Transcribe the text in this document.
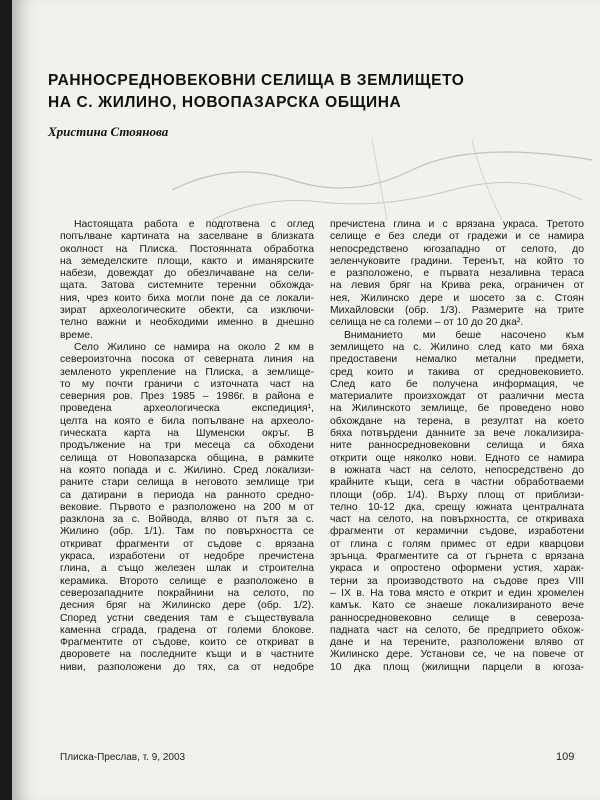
РАННОСРЕДНОВЕКОВНИ СЕЛИЩА В ЗЕМЛИЩЕТО
НА С. ЖИЛИНО, НОВОПАЗАРСКА ОБЩИНА
Христина Стоянова
Настоящата работа е подготвена с оглед
попълване картината на заселване в близката
околност на Плиска. Постоянната обработка
на земеделските площи, както и иманярските
набези, довеждат до обезличаване на сели-
щата. Затова системните теренни обхожда-
ния, чрез които биха могли поне да се локали-
зират археологическите обекти, са изключи-
телно важни и необходими именно в днешно
време.
Село Жилино се намира на около 2 км в
североизточна посока от северната линия на
земленото укрепление на Плиска, а землище-
то му почти граничи с източната част на
северния ров. През 1985 – 1986г. в района е
проведена археологическа експедиция¹,
целта на която е била попълване на археоло-
гическата карта на Шуменски окръг. В
продължение на три месеца са обходени
селища от Новопазарска община, в рамките
на която попада и с. Жилино. Сред локализи-
раните стари селища в неговото землище три
са датирани в периода на ранното средно-
вековие. Първото е разположено на 200 м от
разклона за с. Войвода, вляво от пътя за с.
Жилино (обр. 1/1). Там по повърхността се
откриват фрагменти от съдове с врязана
украса, изработени от недобре пречистена
глина, а също железен шлак и строителна
керамика. Второто селище е разположено в
северозападните покрайнини на селото, по
десния бряг на Жилинско дере (обр. 1/2).
Според устни сведения там е съществувала
каменна сграда, градена от големи блокове.
Фрагментите от съдове, които се откриват в
дворовете на последните къщи и в частните
ниви, разположени до тях, са от недобре
пречистена глина и с врязана украса. Третото
селище е без следи от градежи и се намира
непосредствено югозападно от селото, до
зеленчуковите градини. Теренът, на който то
е разположено, е първата незаливна тераса
на левия бряг на Крива река, ограничен от
нея, Жилинско дере и шосето за с. Стоян
Михайловски (обр. 1/3). Размерите на трите
селища не са големи – от 10 до 20 дка².
Вниманието ми беше насочено към
землището на с. Жилино след като ми бяха
предоставени немалко метални предмети,
сред които и такива от средновековието.
След като бе получена информация, че
материалите произхождат от различни места
на Жилинското землище, бе проведено ново
обхождане на терена, в резултат на което
бяха потвърдени данните за вече локализира-
ните ранносредновековни селища и бяха
открити още няколко нови. Едното се намира
в южната част на селото, непосредствено до
крайните къщи, сега в частни обработваеми
площи (обр. 1/4). Върху площ от приблизи-
телно 10-12 дка, срещу южната централната
част на селото, на повърхността, се откриваха
фрагменти от керамични съдове, изработени
от глина с голям примес от едри кварцови
зрънца. Фрагментите са от гърнета с врязана
украса и опростено оформени устия, харак-
терни за производството на съдове през VIII
– IX в. На това място е открит и един хромелен
камък. Като се знаеше локализираното вече
ранносредновековно селище в североза-
падната част на селото, бе предприето обхож-
дане и на терените, разположени вляво от
Жилинско дере. Установи се, че на повече от
10 дка площ (жилищни парцели в югоза-
Плиска-Преслав, т. 9, 2003	109
